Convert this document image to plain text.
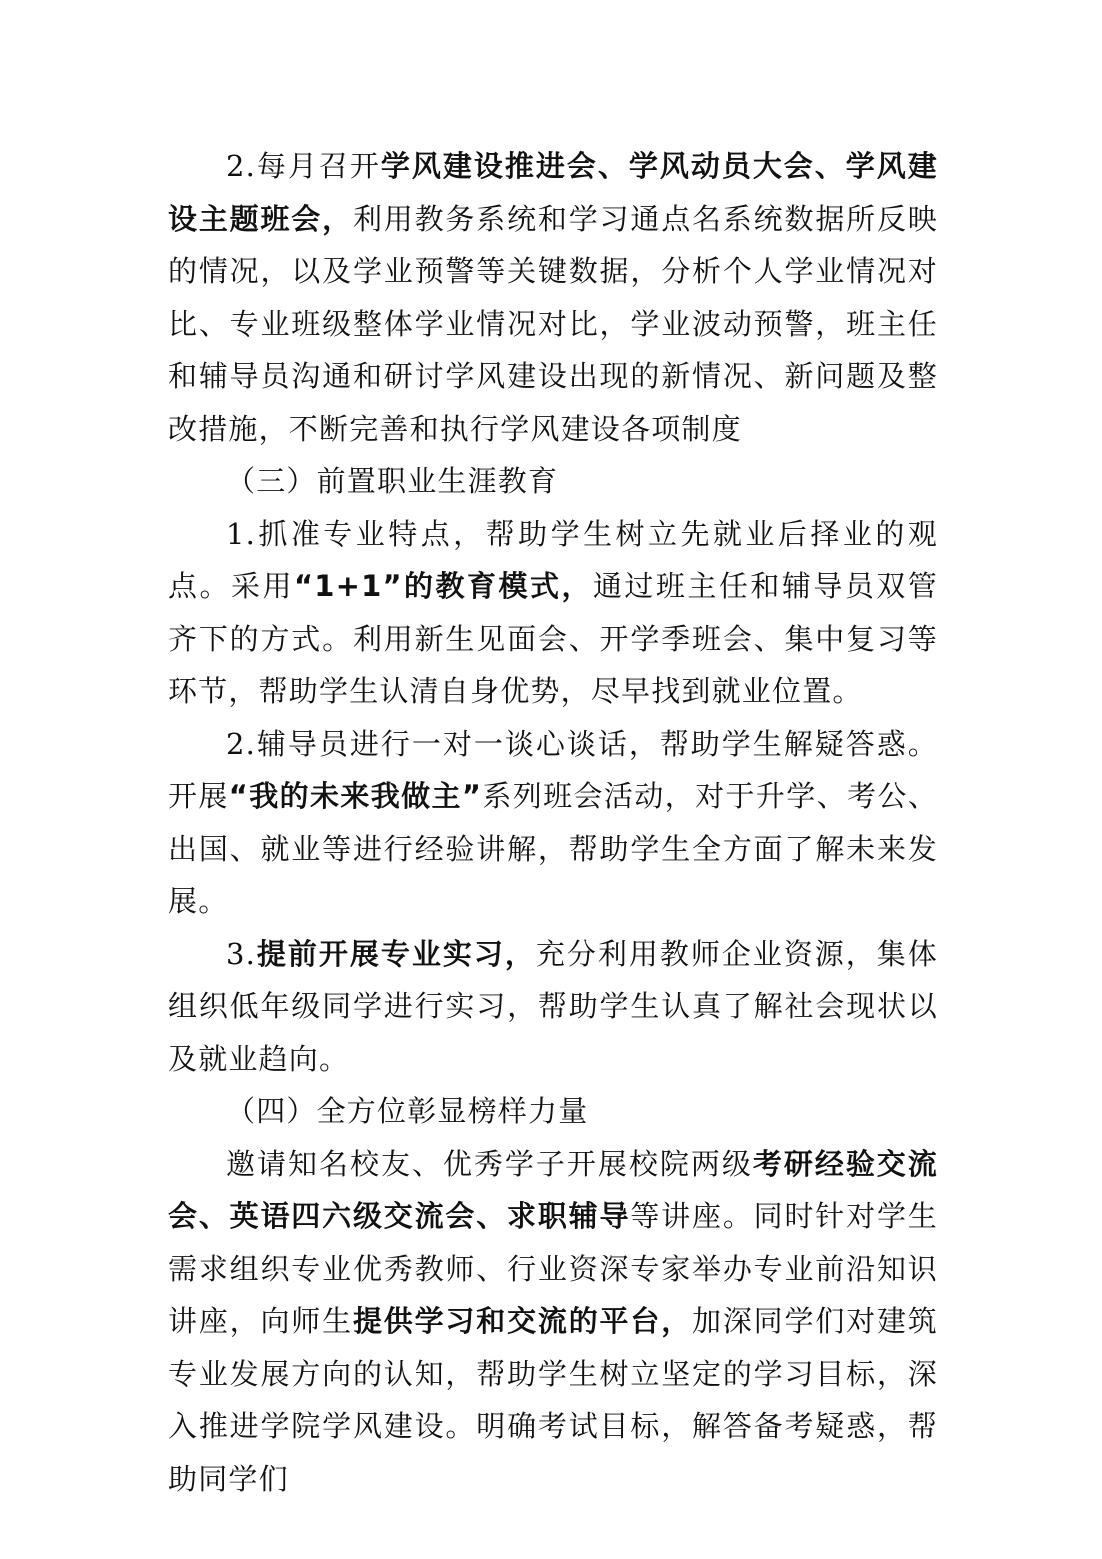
2.每月召开学风建设推进会、学风动员大会、学风建设主题班会，利用教务系统和学习通点名系统数据所反映的情况，以及学业预警等关键数据，分析个人学业情况对比、专业班级整体学业情况对比，学业波动预警，班主任和辅导员沟通和研讨学风建设出现的新情况、新问题及整改措施，不断完善和执行学风建设各项制度

（三）前置职业生涯教育

1.抓准专业特点，帮助学生树立先就业后择业的观点。采用“1+1”的教育模式，通过班主任和辅导员双管齐下的方式。利用新生见面会、开学季班会、集中复习等环节，帮助学生认清自身优势，尽早找到就业位置。

2.辅导员进行一对一谈心谈话，帮助学生解疑答惑。开展“我的未来我做主”系列班会活动，对于升学、考公、出国、就业等进行经验讲解，帮助学生全方面了解未来发展。

3.提前开展专业实习，充分利用教师企业资源，集体组织低年级同学进行实习，帮助学生认真了解社会现状以及就业趋向。

（四）全方位彰显榜样力量

邀请知名校友、优秀学子开展校院两级考研经验交流会、英语四六级交流会、求职辅导等讲座。同时针对学生需求组织专业优秀教师、行业资深专家举办专业前沿知识讲座，向师生提供学习和交流的平台，加深同学们对建筑专业发展方向的认知，帮助学生树立坚定的学习目标，深入推进学院学风建设。明确考试目标，解答备考疑惑，帮助同学们
